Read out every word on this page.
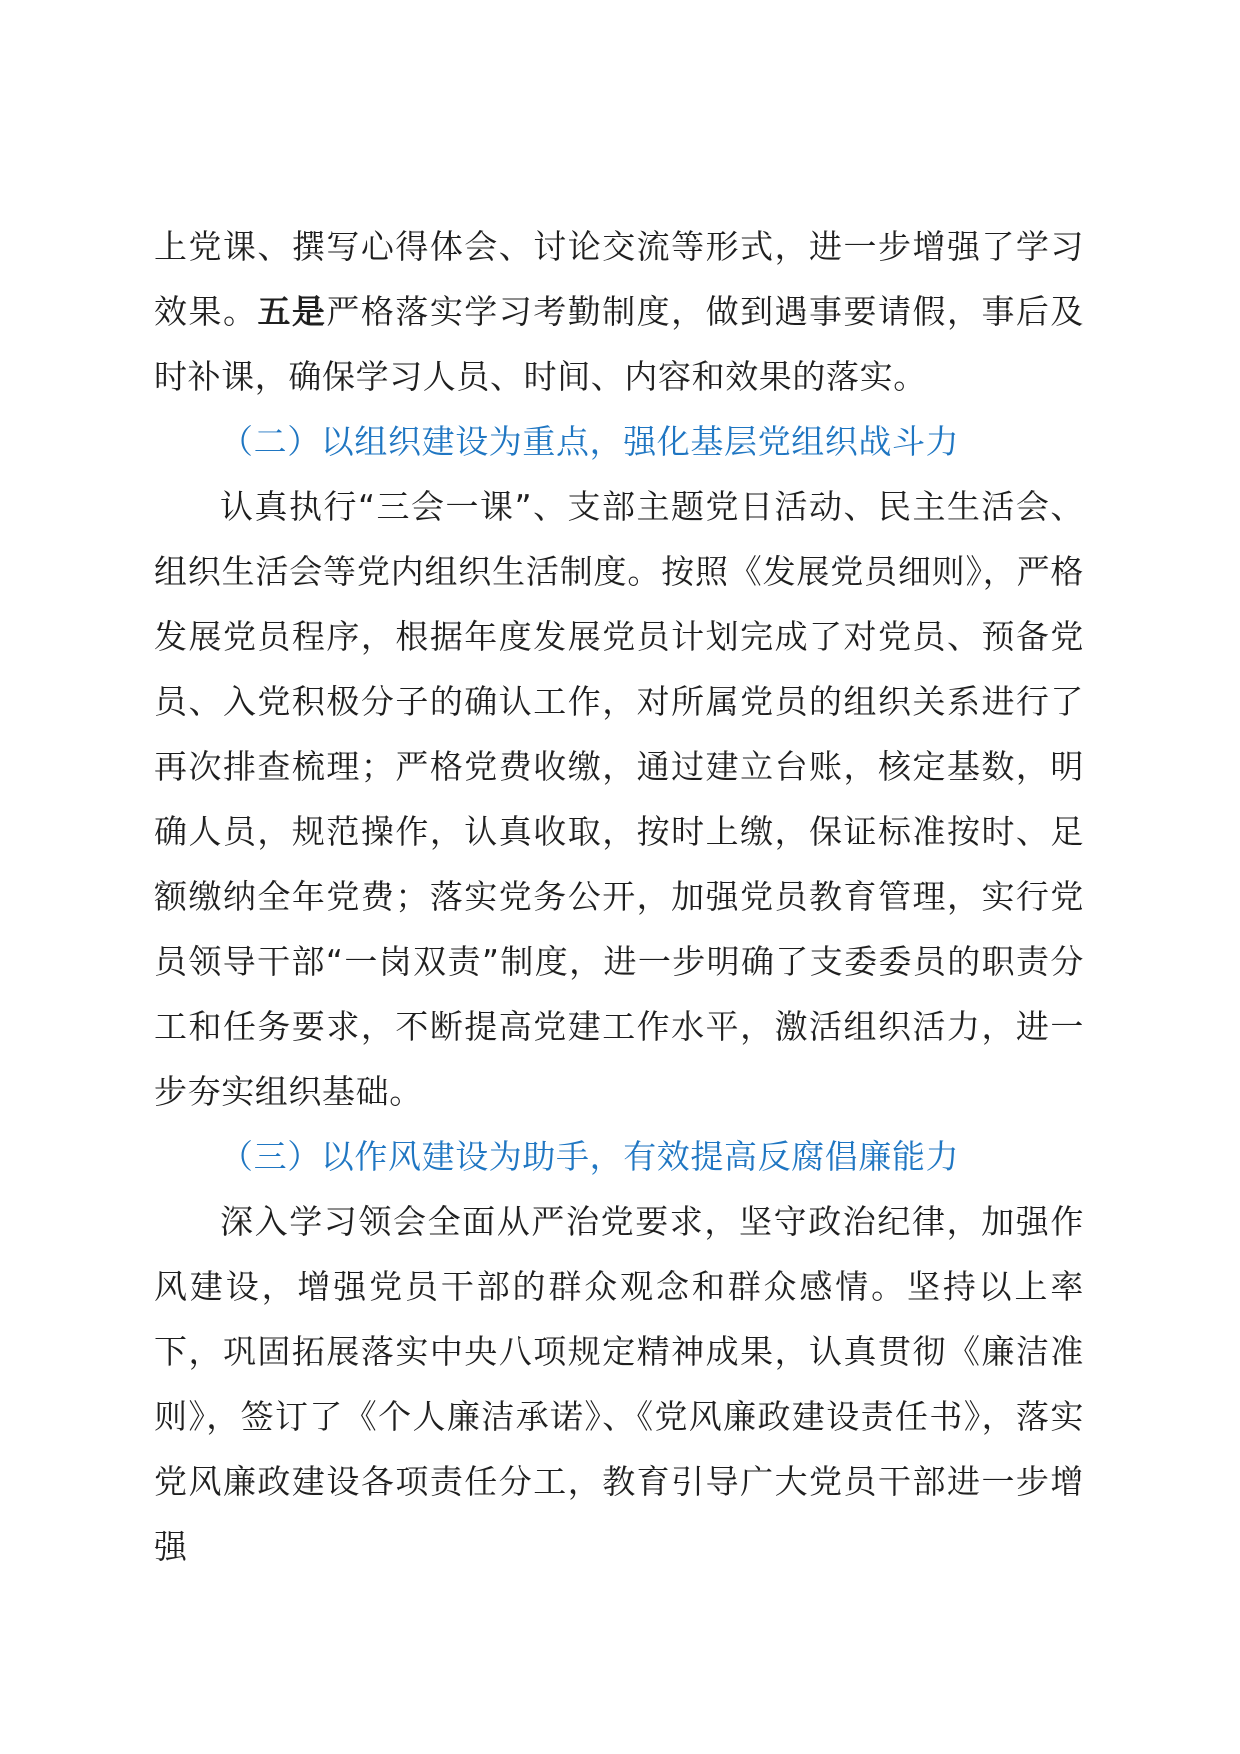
上党课、撰写心得体会、讨论交流等形式，进一步增强了学习效果。五是严格落实学习考勤制度，做到遇事要请假，事后及时补课，确保学习人员、时间、内容和效果的落实。

（二）以组织建设为重点，强化基层党组织战斗力

认真执行“三会一课”、支部主题党日活动、民主生活会、组织生活会等党内组织生活制度。按照《发展党员细则》，严格发展党员程序，根据年度发展党员计划完成了对党员、预备党员、入党积极分子的确认工作，对所属党员的组织关系进行了再次排查梳理；严格党费收缴，通过建立台账，核定基数，明确人员，规范操作，认真收取，按时上缴，保证标准按时、足额缴纳全年党费；落实党务公开，加强党员教育管理，实行党员领导干部“一岗双责”制度，进一步明确了支委委员的职责分工和任务要求，不断提高党建工作水平，激活组织活力，进一步夯实组织基础。

（三）以作风建设为助手，有效提高反腐倡廉能力

深入学习领会全面从严治党要求，坚守政治纪律，加强作风建设，增强党员干部的群众观念和群众感情。坚持以上率下，巩固拓展落实中央八项规定精神成果，认真贯彻《廉洁准则》，签订了《个人廉洁承诺》、《党风廉政建设责任书》，落实党风廉政建设各项责任分工，教育引导广大党员干部进一步增强
